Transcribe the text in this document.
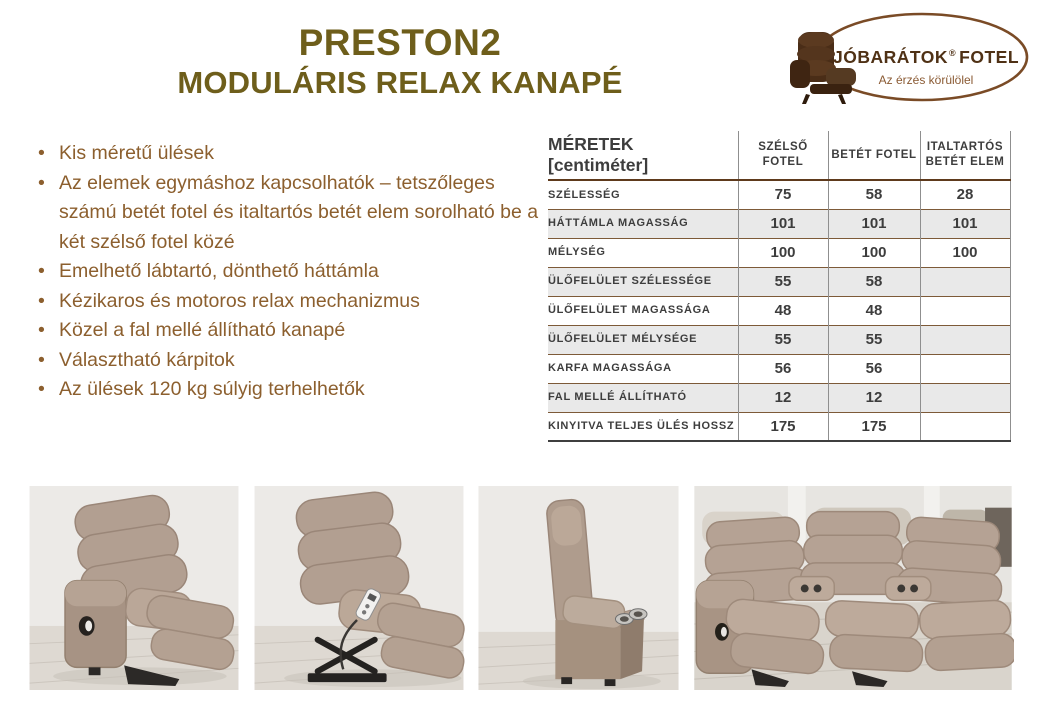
PRESTON2
MODULÁRIS RELAX KANAPÉ
JÓBARÁTOK® FOTEL
Az érzés körülölel
• Kis méretű ülések
• Az elemek egymáshoz kapcsolhatók – tetszőleges számú betét fotel és italtartós betét elem sorolható be a két szélső fotel közé
• Emelhető lábtartó, dönthető háttámla
• Kézikaros és motoros relax mechanizmus
• Közel a fal mellé állítható kanapé
• Választható kárpitok
• Az ülések 120 kg súlyig terhelhetők
MÉRETEK [centiméter]	SZÉLSŐ FOTEL	BETÉT FOTEL	ITALTARTÓS BETÉT ELEM
SZÉLESSÉG	75	58	28
HÁTTÁMLA MAGASSÁG	101	101	101
MÉLYSÉG	100	100	100
ÜLŐFELÜLET SZÉLESSÉGE	55	58	
ÜLŐFELÜLET MAGASSÁGA	48	48	
ÜLŐFELÜLET MÉLYSÉGE	55	55	
KARFA MAGASSÁGA	56	56	
FAL MELLÉ ÁLLÍTHATÓ	12	12	
KINYITVA TELJES ÜLÉS HOSSZ	175	175	
